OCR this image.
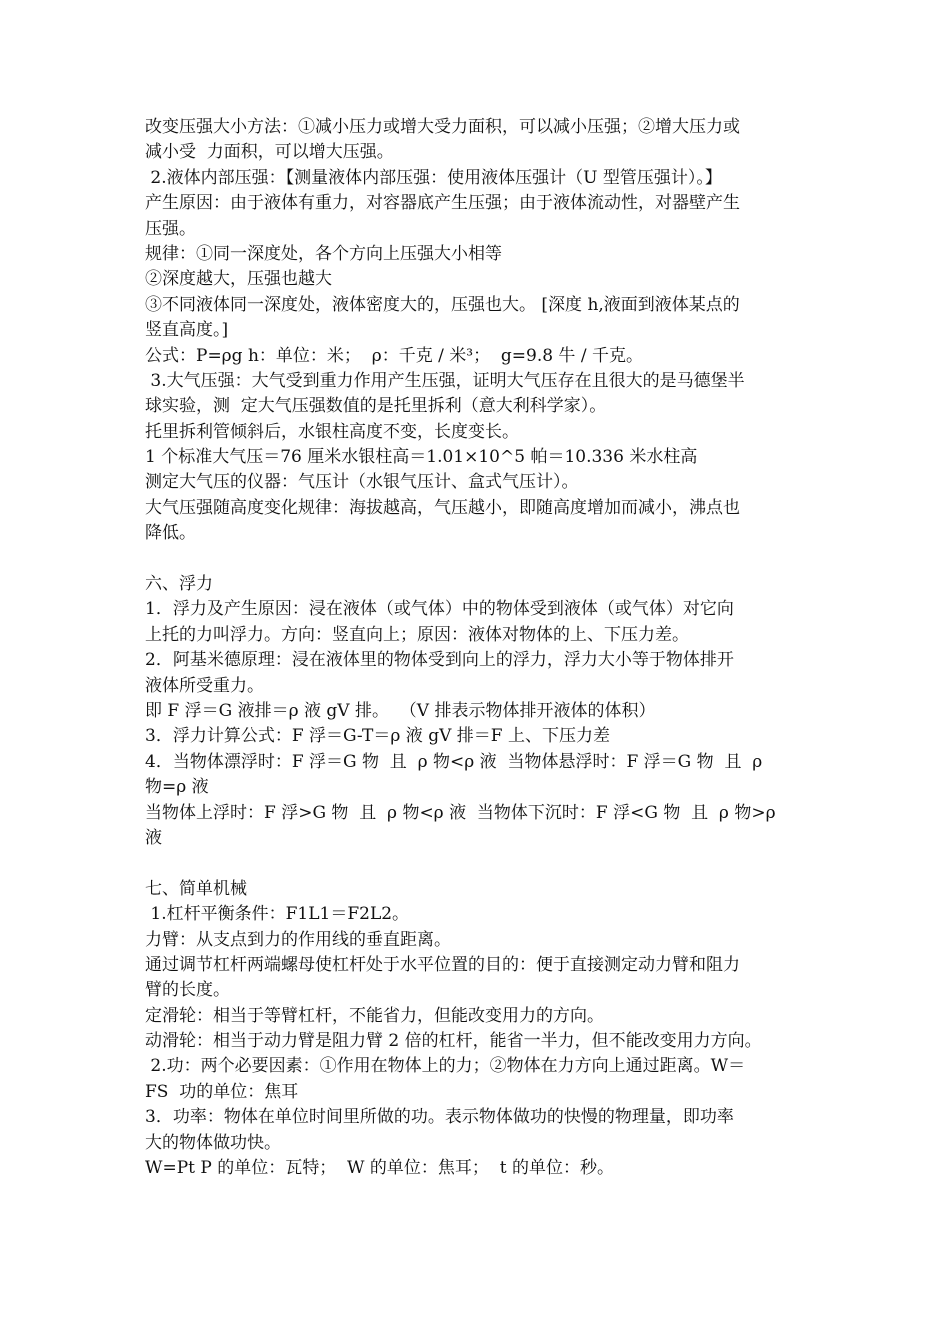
改变压强大小方法：①减小压力或增大受力面积，可以减小压强；②增大压力或
减小受  力面积，可以增大压强。
2.液体内部压强：【测量液体内部压强：使用液体压强计（U 型管压强计）。】
产生原因：由于液体有重力，对容器底产生压强；由于液体流动性，对器壁产生
压强。
规律：①同一深度处，各个方向上压强大小相等
②深度越大，压强也越大
③不同液体同一深度处，液体密度大的，压强也大。 [深度 h,液面到液体某点的
竖直高度。]
公式：P=ρg h：单位：米；  ρ：千克 / 米³；  g=9.8 牛 / 千克。
3.大气压强：大气受到重力作用产生压强，证明大气压存在且很大的是马德堡半
球实验，测  定大气压强数值的是托里拆利（意大利科学家）。
托里拆利管倾斜后，水银柱高度不变，长度变长。
1 个标准大气压＝76 厘米水银柱高＝1.01×10^5 帕＝10.336 米水柱高
测定大气压的仪器：气压计（水银气压计、盒式气压计）。
大气压强随高度变化规律：海拔越高，气压越小，即随高度增加而减小，沸点也
降低。
六、浮力
1．浮力及产生原因：浸在液体（或气体）中的物体受到液体（或气体）对它向
上托的力叫浮力。方向：竖直向上；原因：液体对物体的上、下压力差。
2．阿基米德原理：浸在液体里的物体受到向上的浮力，浮力大小等于物体排开
液体所受重力。
即 F 浮＝G 液排＝ρ 液 gV 排。  （V 排表示物体排开液体的体积）
3．浮力计算公式：F 浮＝G-T＝ρ 液 gV 排＝F 上、下压力差
4．当物体漂浮时：F 浮＝G 物  且  ρ 物<ρ 液  当物体悬浮时：F 浮＝G 物  且  ρ
物=ρ 液
当物体上浮时：F 浮>G 物  且  ρ 物<ρ 液  当物体下沉时：F 浮<G 物  且  ρ 物>ρ
液
七、简单机械
1.杠杆平衡条件：F1L1＝F2L2。
力臂：从支点到力的作用线的垂直距离。
通过调节杠杆两端螺母使杠杆处于水平位置的目的：便于直接测定动力臂和阻力
臂的长度。
定滑轮：相当于等臂杠杆，不能省力，但能改变用力的方向。
动滑轮：相当于动力臂是阻力臂 2 倍的杠杆，能省一半力，但不能改变用力方向。
2.功：两个必要因素：①作用在物体上的力；②物体在力方向上通过距离。W＝
FS  功的单位：焦耳
3．功率：物体在单位时间里所做的功。表示物体做功的快慢的物理量，即功率
大的物体做功快。
W=Pt P 的单位：瓦特；  W 的单位：焦耳；  t 的单位：秒。
